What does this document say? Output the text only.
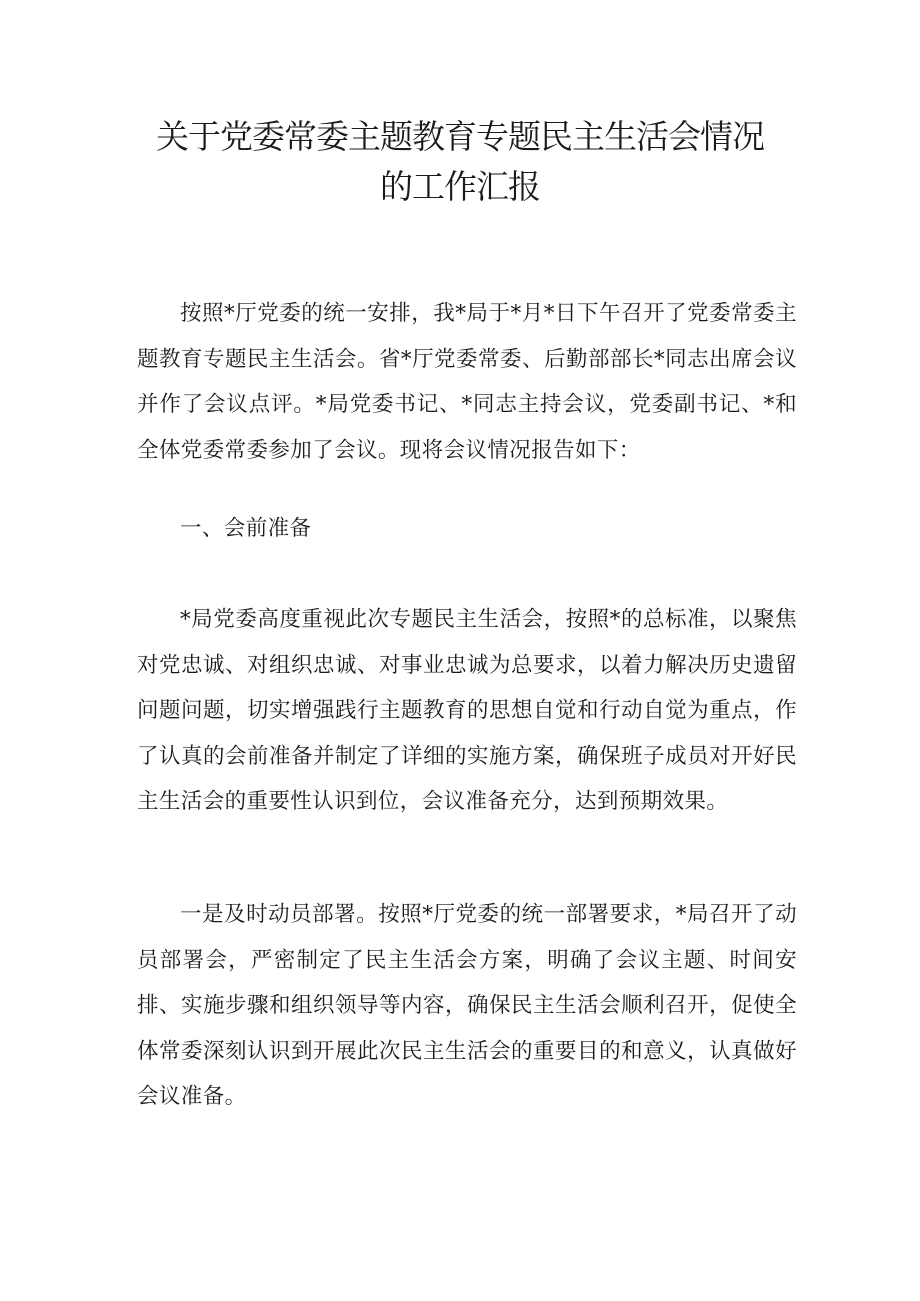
关于党委常委主题教育专题民主生活会情况的工作汇报

按照*厅党委的统一安排，我*局于*月*日下午召开了党委常委主题教育专题民主生活会。省*厅党委常委、后勤部部长*同志出席会议并作了会议点评。*局党委书记、*同志主持会议，党委副书记、*和全体党委常委参加了会议。现将会议情况报告如下：

一、会前准备

*局党委高度重视此次专题民主生活会，按照*的总标准，以聚焦对党忠诚、对组织忠诚、对事业忠诚为总要求，以着力解决历史遗留问题问题，切实增强践行主题教育的思想自觉和行动自觉为重点，作了认真的会前准备并制定了详细的实施方案，确保班子成员对开好民主生活会的重要性认识到位，会议准备充分，达到预期效果。

一是及时动员部署。按照*厅党委的统一部署要求，*局召开了动员部署会，严密制定了民主生活会方案，明确了会议主题、时间安排、实施步骤和组织领导等内容，确保民主生活会顺利召开，促使全体常委深刻认识到开展此次民主生活会的重要目的和意义，认真做好会议准备。
